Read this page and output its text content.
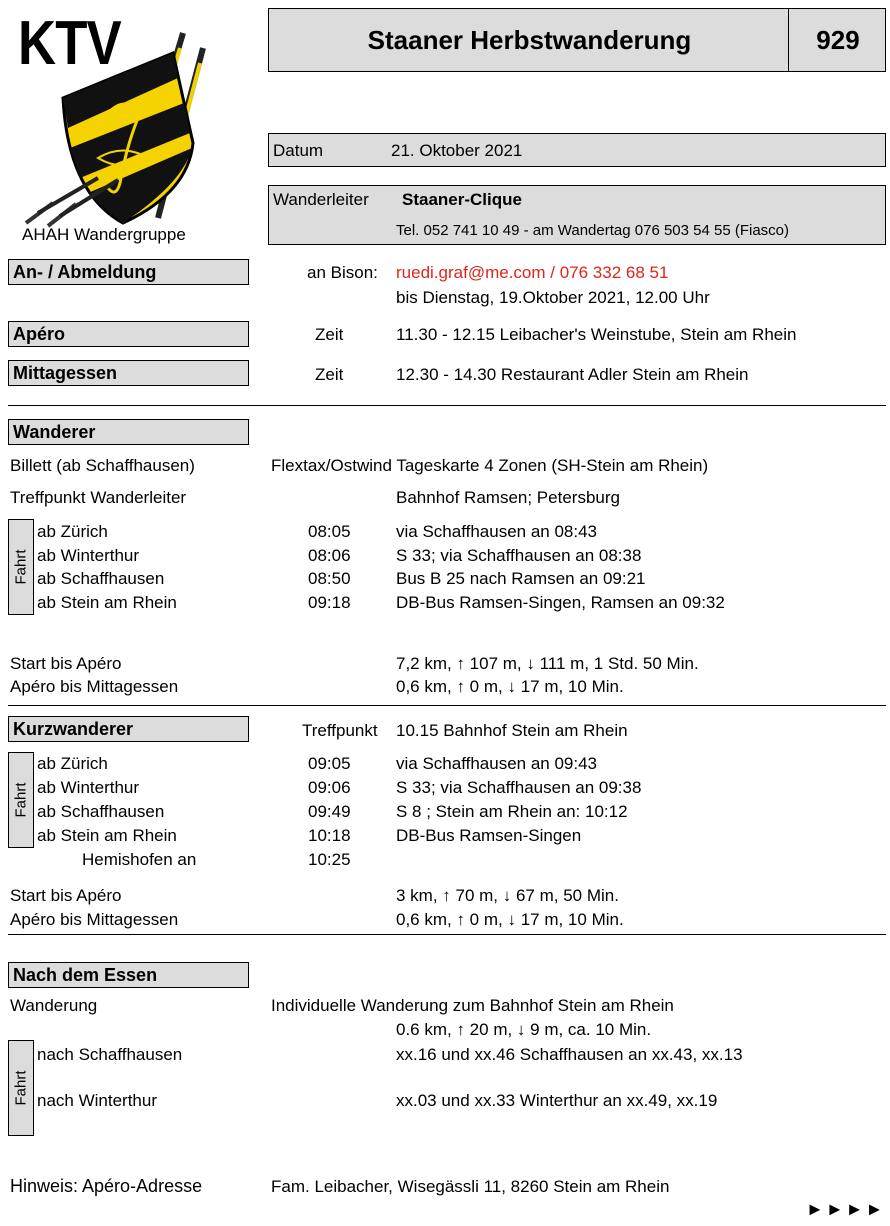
KTV
AHAH Wandergruppe
Staaner Herbstwanderung	929
Datum	21. Oktober 2021
Wanderleiter Staaner-Clique
Tel. 052 741 10 49 - am Wandertag 076 503 54 55 (Fiasco)
An- / Abmeldung	an Bison: ruedi.graf@me.com / 076 332 68 51
bis Dienstag, 19.Oktober 2021, 12.00 Uhr
Apéro	Zeit	11.30 - 12.15 Leibacher's Weinstube, Stein am Rhein
Mittagessen	Zeit	12.30 - 14.30 Restaurant Adler Stein am Rhein
Wanderer
Billett (ab Schaffhausen)	Flextax/Ostwind Tageskarte 4 Zonen (SH-Stein am Rhein)
Treffpunkt Wanderleiter	Bahnhof Ramsen; Petersburg
Fahrt
ab Zürich	08:05	via Schaffhausen an 08:43
ab Winterthur	08:06	S 33; via Schaffhausen an 08:38
ab Schaffhausen	08:50	Bus B 25 nach Ramsen an 09:21
ab Stein am Rhein	09:18	DB-Bus Ramsen-Singen, Ramsen an 09:32
Start bis Apéro	7,2 km, ↑ 107 m, ↓ 111 m, 1 Std. 50 Min.
Apéro bis Mittagessen	0,6 km, ↑ 0 m, ↓ 17 m, 10 Min.
Kurzwanderer	Treffpunkt 10.15 Bahnhof Stein am Rhein
Fahrt
ab Zürich	09:05	via Schaffhausen an 09:43
ab Winterthur	09:06	S 33; via Schaffhausen an 09:38
ab Schaffhausen	09:49	S 8 ; Stein am Rhein an: 10:12
ab Stein am Rhein	10:18	DB-Bus Ramsen-Singen
Hemishofen an	10:25
Start bis Apéro	3 km, ↑ 70 m, ↓ 67 m, 50 Min.
Apéro bis Mittagessen	0,6 km, ↑ 0 m, ↓ 17 m, 10 Min.
Nach dem Essen
Wanderung	Individuelle Wanderung zum Bahnhof Stein am Rhein
0.6 km, ↑ 20 m, ↓ 9 m, ca. 10 Min.
Fahrt
nach Schaffhausen	xx.16 und xx.46 Schaffhausen an xx.43, xx.13
nach Winterthur	xx.03 und xx.33 Winterthur an xx.49, xx.19
Hinweis: Apéro-Adresse	Fam. Leibacher, Wisegässli 11, 8260 Stein am Rhein
►►►►
